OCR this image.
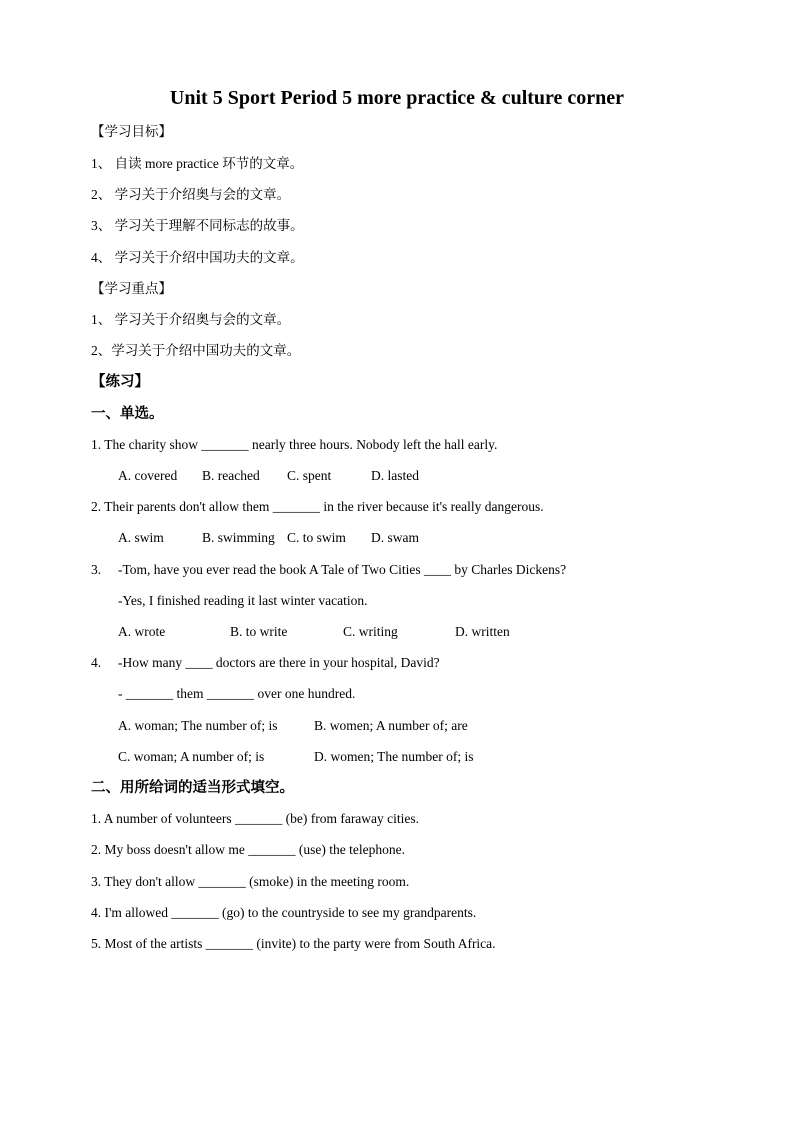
Unit 5 Sport Period 5 more practice & culture corner
【学习目标】
1、 自读 more practice 环节的文章。
2、 学习关于介绍奥与会的文章。
3、 学习关于理解不同标志的故事。
4、 学习关于介绍中国功夫的文章。
【学习重点】
1、 学习关于介绍奥与会的文章。
2、学习关于介绍中国功夫的文章。
【练习】
一、单选。
1. The charity show _______ nearly three hours. Nobody left the hall early.
A. covered B. reached C. spent	D. lasted
2. Their parents don't allow them _______ in the river because it's really dangerous.
A. swim	B. swimming C. to swim D. swam
3. -Tom, have you ever read the book A Tale of Two Cities ____ by Charles Dickens?
-Yes, I finished reading it last winter vacation.
A. wrote	B. to write	C. writing	D. written
4. -How many ____ doctors are there in your hospital, David?
- _______ them _______ over one hundred.
A. woman; The number of; is	B. women; A number of; are
C. woman; A number of; is	D. women; The number of; is
二、用所给词的适当形式填空。
1. A number of volunteers _______ (be) from faraway cities.
2. My boss doesn't allow me _______ (use) the telephone.
3. They don't allow _______ (smoke) in the meeting room.
4. I'm allowed _______ (go) to the countryside to see my grandparents.
5. Most of the artists _______ (invite) to the party were from South Africa.
